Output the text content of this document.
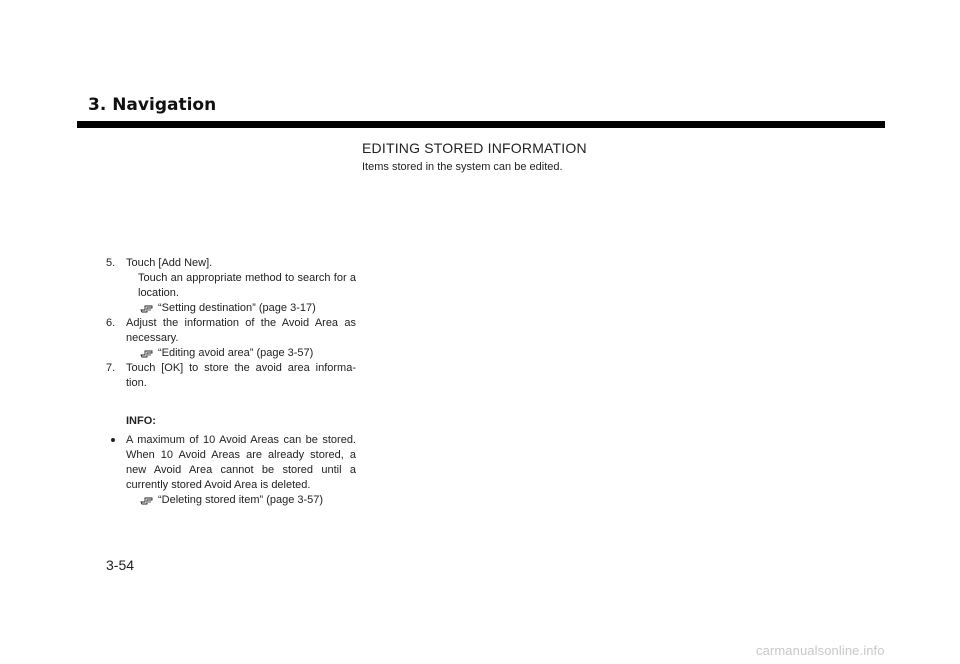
3. Navigation
EDITING STORED INFORMATION
Items stored in the system can be edited.
5. Touch [Add New].
Touch an appropriate method to search for a location.
“Setting destination” (page 3-17)
6. Adjust the information of the Avoid Area as necessary.
“Editing avoid area” (page 3-57)
7. Touch [OK] to store the avoid area informa- tion.
INFO:
A maximum of 10 Avoid Areas can be stored. When 10 Avoid Areas are already stored, a new Avoid Area cannot be stored until a currently stored Avoid Area is deleted.
“Deleting stored item” (page 3-57)
3-54
carmanualsonline.info
